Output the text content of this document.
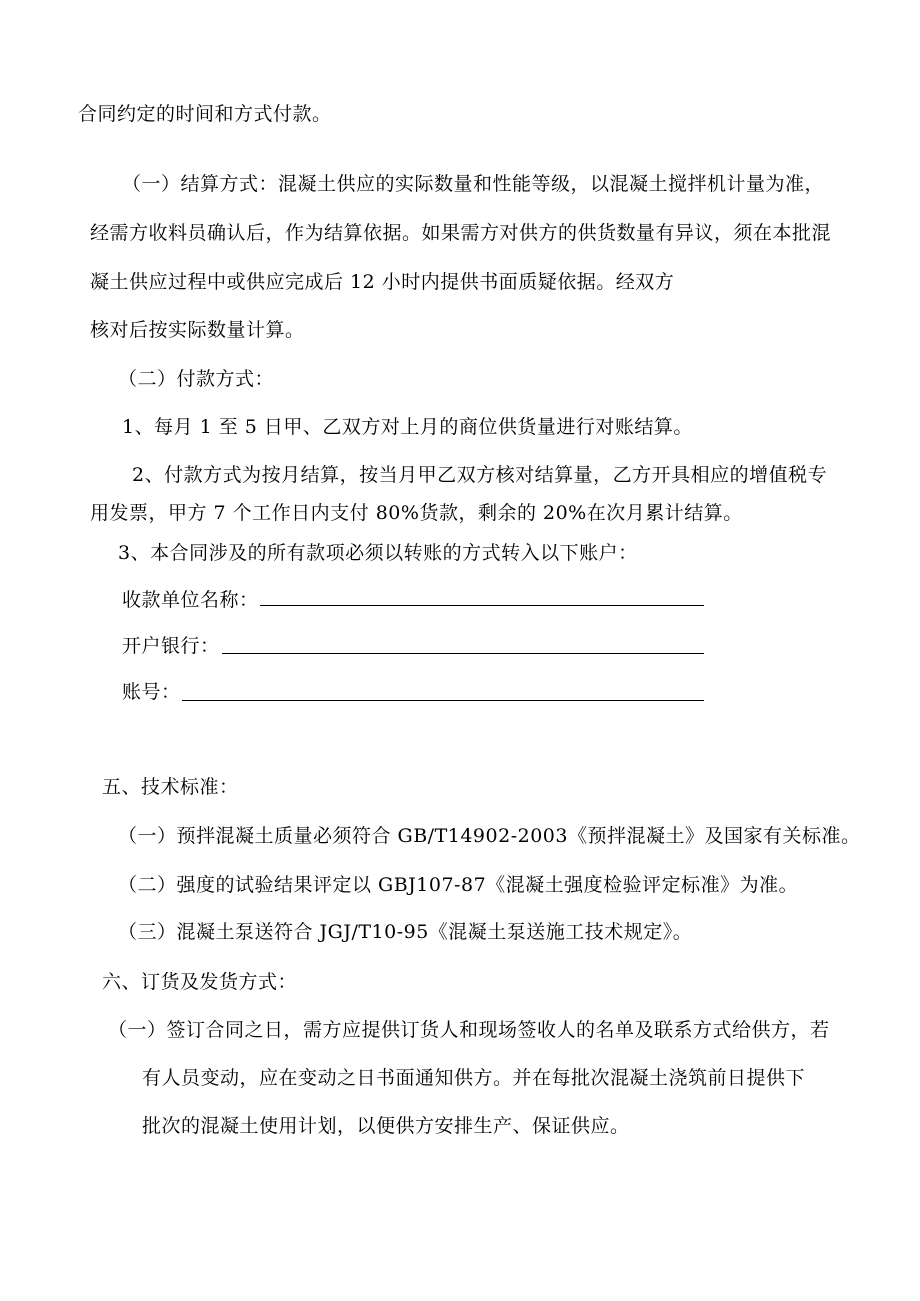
合同约定的时间和方式付款。
（一）结算方式：混凝土供应的实际数量和性能等级，以混凝土搅拌机计量为准，
经需方收料员确认后，作为结算依据。如果需方对供方的供货数量有异议，须在本批混
凝土供应过程中或供应完成后 12 小时内提供书面质疑依据。经双方
核对后按实际数量计算。
（二）付款方式：
1、每月 1 至 5 日甲、乙双方对上月的商位供货量进行对账结算。
2、付款方式为按月结算，按当月甲乙双方核对结算量，乙方开具相应的增值税专
用发票，甲方 7 个工作日内支付 80%货款，剩余的 20%在次月累计结算。
3、本合同涉及的所有款项必须以转账的方式转入以下账户：
收款单位名称：
开户银行：
账号：
五、技术标准：
（一）预拌混凝土质量必须符合 GB/T14902-2003《预拌混凝土》及国家有关标准。
（二）强度的试验结果评定以 GBJ107-87《混凝土强度检验评定标准》为准。
（三）混凝土泵送符合 JGJ/T10-95《混凝土泵送施工技术规定》。
六、订货及发货方式：
（一）签订合同之日，需方应提供订货人和现场签收人的名单及联系方式给供方，若
有人员变动，应在变动之日书面通知供方。并在每批次混凝土浇筑前日提供下
批次的混凝土使用计划，以便供方安排生产、保证供应。
